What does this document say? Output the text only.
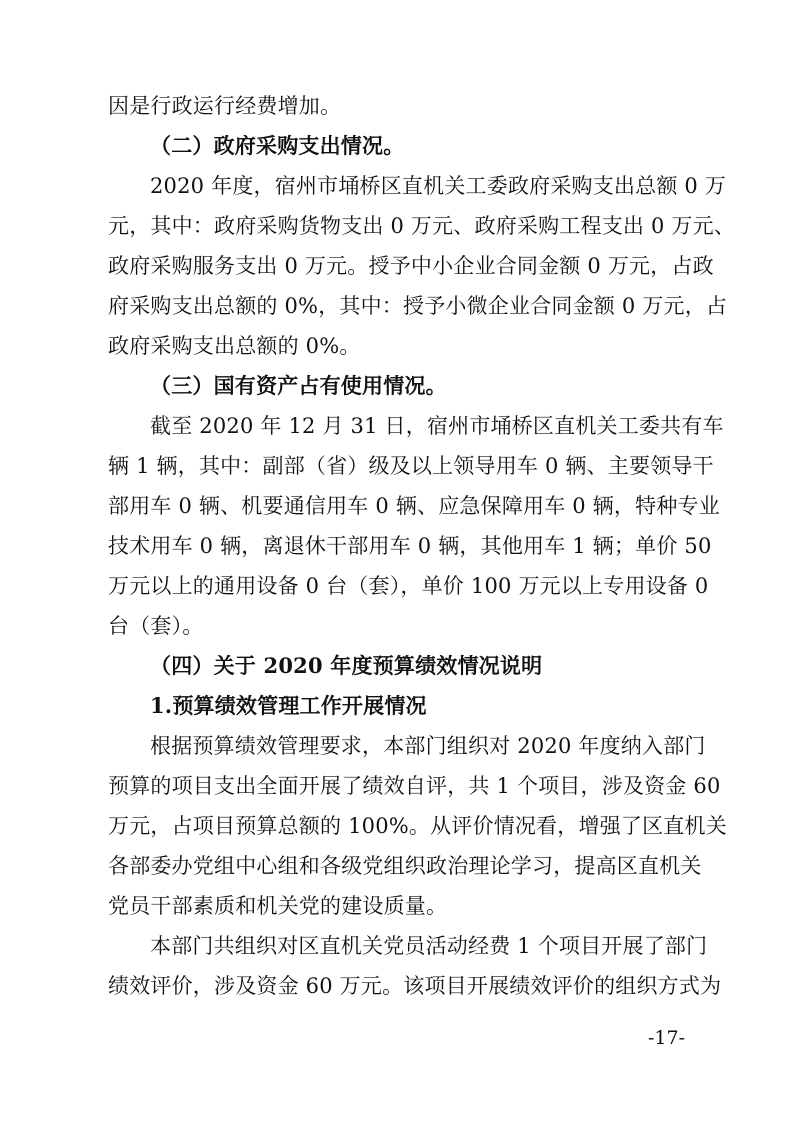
因是行政运行经费增加。

（二）政府采购支出情况。

2020 年度，宿州市埇桥区直机关工委政府采购支出总额 0 万

元，其中：政府采购货物支出 0 万元、政府采购工程支出 0 万元、

政府采购服务支出 0 万元。授予中小企业合同金额 0 万元，占政

府采购支出总额的 0%，其中：授予小微企业合同金额 0 万元，占

政府采购支出总额的 0%。

（三）国有资产占有使用情况。

截至 2020 年 12 月 31 日，宿州市埇桥区直机关工委共有车

辆 1 辆，其中：副部（省）级及以上领导用车 0 辆、主要领导干

部用车 0 辆、机要通信用车 0 辆、应急保障用车 0 辆，特种专业

技术用车 0 辆，离退休干部用车 0 辆，其他用车 1 辆；单价 50

万元以上的通用设备 0 台（套），单价 100 万元以上专用设备 0

台（套）。

（四）关于 2020 年度预算绩效情况说明

1.预算绩效管理工作开展情况

根据预算绩效管理要求，本部门组织对 2020 年度纳入部门

预算的项目支出全面开展了绩效自评，共 1 个项目，涉及资金 60

万元，占项目预算总额的 100%。从评价情况看，增强了区直机关

各部委办党组中心组和各级党组织政治理论学习，提高区直机关

党员干部素质和机关党的建设质量。

本部门共组织对区直机关党员活动经费 1 个项目开展了部门

绩效评价，涉及资金 60 万元。该项目开展绩效评价的组织方式为

-17-
